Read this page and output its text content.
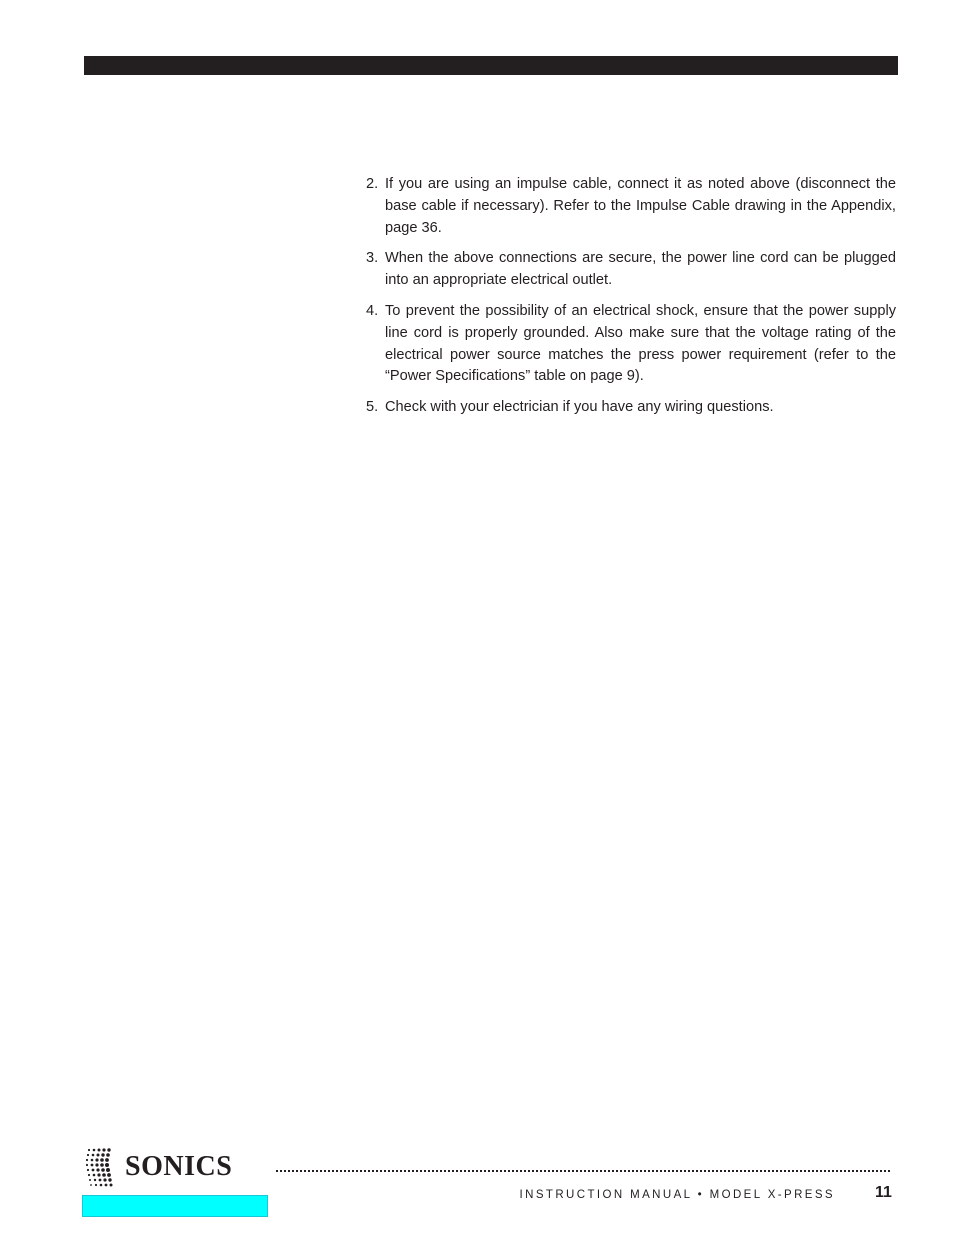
2. If you are using an impulse cable, connect it as noted above (disconnect the base cable if necessary). Refer to the Impulse Cable drawing in the Appendix, page 36.
3. When the above connections are secure, the power line cord can be plugged into an appropriate electrical outlet.
4. To prevent the possibility of an electrical shock, ensure that the power supply line cord is properly grounded. Also make sure that the voltage rating of the electrical power source matches the press power requirement (refer to the “Power Specifications” table on page 9).
5. Check with your electrician if you have any wiring questions.
SONICS
INSTRUCTION MANUAL • MODEL X-PRESS	11
